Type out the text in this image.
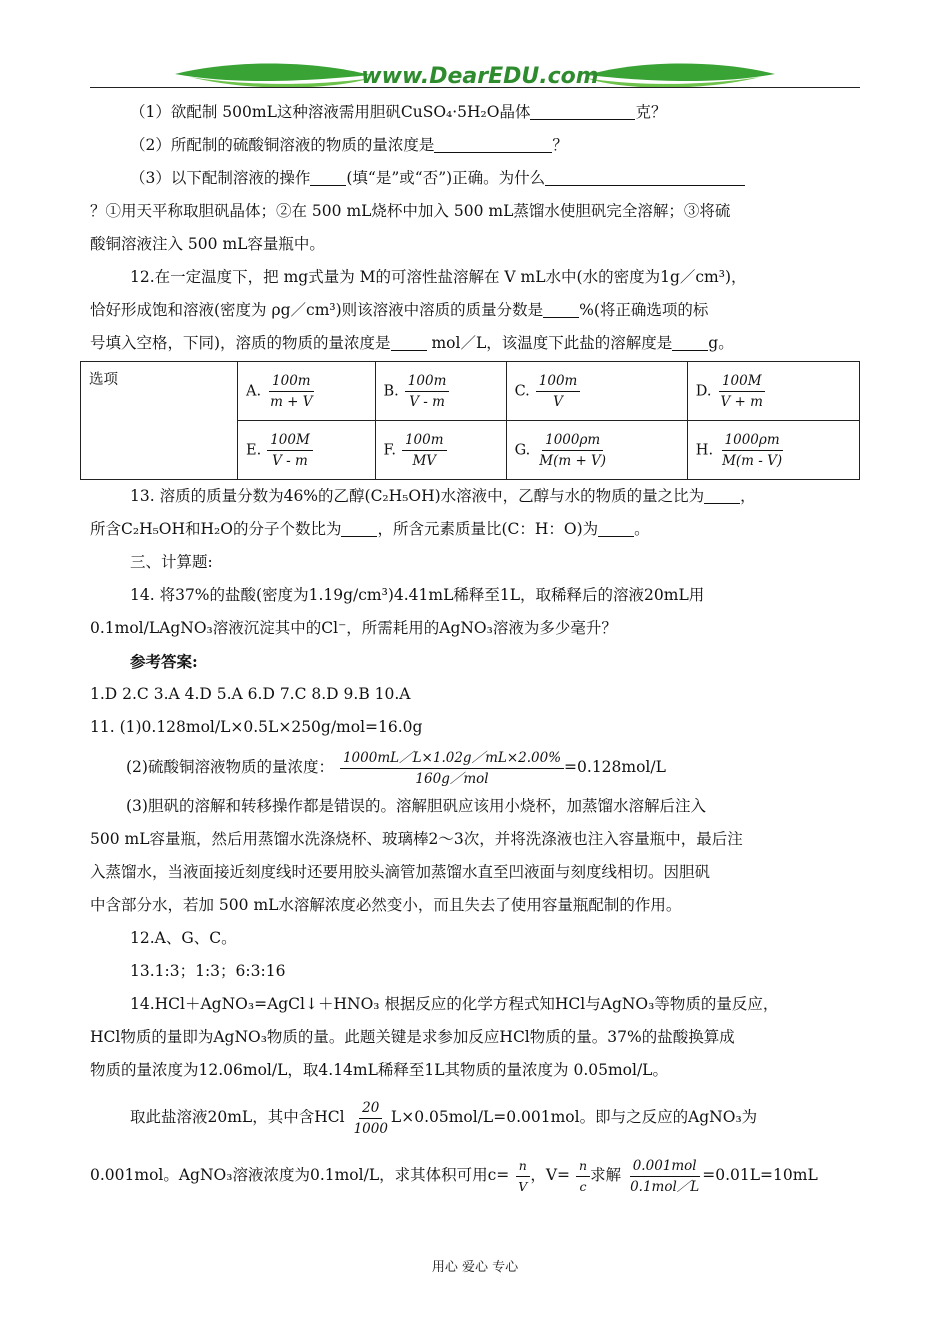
www.DearEDU.com
（1）欲配制 500mL这种溶液需用胆矾CuSO₄·5H₂O晶体	克？
（2）所配制的硫酸铜溶液的物质的量浓度是	？
（3）以下配制溶液的操作 (填“是”或“否”)正确。为什么
？①用天平称取胆矾晶体；②在 500 mL烧杯中加入 500 mL蒸馏水使胆矾完全溶解；③将硫
酸铜溶液注入 500 mL容量瓶中。
12.在一定温度下，把 mg式量为 M的可溶性盐溶解在 V mL水中(水的密度为1g／cm³)，
恰好形成饱和溶液(密度为 ρg／cm³)则该溶液中溶质的质量分数是 %(将正确选项的标
号填入空格，下同)，溶质的物质的量浓度是 mol／L，该温度下此盐的溶解度是 g。
选项	A. $\frac{100m}{m + V}$	B. $\frac{100m}{V - m}$	C. $\frac{100m}{V}$	D. $\frac{100M}{V + m}$

	E. $\frac{100M}{V - m}$	F. $\frac{100m}{MV}$	G. $\frac{1000\rho m}{M(m + V)}$	H. $\frac{1000\rho m}{M(m - V)}$
13. 溶质的质量分数为46%的乙醇(C₂H₅OH)水溶液中，乙醇与水的物质的量之比为 ，
所含C₂H₅OH和H₂O的分子个数比为 ，所含元素质量比(C：H：O)为 。
三、计算题:
14. 将37%的盐酸(密度为1.19g/cm³)4.41mL稀释至1L，取稀释后的溶液20mL用
0.1mol/LAgNO₃溶液沉淀其中的Cl⁻，所需耗用的AgNO₃溶液为多少毫升？
参考答案:
1.D 2.C 3.A 4.D 5.A 6.D 7.C 8.D 9.B 10.A
11. (1)0.128mol/L×0.5L×250g/mol=16.0g
(2)硫酸铜溶液物质的量浓度： $\frac{1000mL/L\times 1.02g/mL\times 2.00\%}{\text{160g／mol}} =0.128mol/L$
(3)胆矾的溶解和转移操作都是错误的。溶解胆矾应该用小烧杯，加蒸馏水溶解后注入
500 mL容量瓶，然后用蒸馏水洗涤烧杯、玻璃棒2～3次，并将洗涤液也注入容量瓶中，最后注
入蒸馏水，当液面接近刻度线时还要用胶头滴管加蒸馏水直至凹液面与刻度线相切。因胆矾
中含部分水，若加 500 mL水溶解浓度必然变小，而且失去了使用容量瓶配制的作用。
12.A、G、C。
13.1:3；1:3；6:3:16
14.HCl＋AgNO₃=AgCl↓＋HNO₃ 根据反应的化学方程式知HCl与AgNO₃等物质的量反应，
HCl物质的量即为AgNO₃物质的量。此题关键是求参加反应HCl物质的量。37%的盐酸换算成
物质的量浓度为12.06mol/L，取4.14mL稀释至1L其物质的量浓度为 0.05mol/L。
取此盐溶液20mL，其中含HCl $\frac{20}{1000} L\times 0.05mol/L=0.001mol$。即与之反应的AgNO₃为
0.001mol。AgNO₃溶液浓度为0.1mol/L，求其体积可用$c= \frac{n}{V}$ ，$V= \frac{n}{c}$ 求解 $\frac{\text{0.001mol}}{\text{0.1mol／L}} =0.01L=10mL$
用心 爱心 专心
